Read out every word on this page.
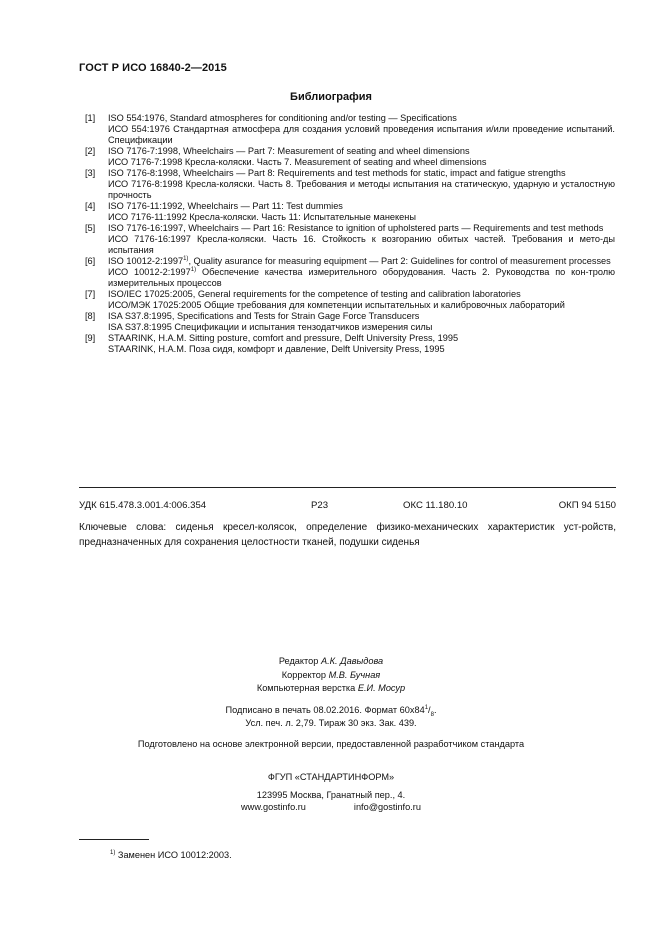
ГОСТ Р ИСО 16840-2—2015
Библиография
[1]	ISO 554:1976, Standard atmospheres for conditioning and/or testing — Specifications

ИСО 554:1976 Стандартная атмосфера для создания условий проведения испытания и/или проведение испытаний. Спецификации

[2]	ISO 7176-7:1998, Wheelchairs — Part 7: Measurement of seating and wheel dimensions

ИСО 7176-7:1998 Кресла-коляски. Часть 7. Measurement of seating and wheel dimensions

[3]	ISO 7176-8:1998, Wheelchairs — Part 8: Requirements and test methods for static, impact and fatigue strengths

ИСО 7176-8:1998 Кресла-коляски. Часть 8. Требования и методы испытания на статическую, ударную и усталостную прочность

[4]	ISO 7176-11:1992, Wheelchairs — Part 11: Test dummies

ИСО 7176-11:1992 Кресла-коляски. Часть 11: Испытательные манекены

[5]	ISO 7176-16:1997, Wheelchairs — Part 16: Resistance to ignition of upholstered parts — Requirements and test methods

ИСО 7176-16:1997 Кресла-коляски. Часть 16. Стойкость к возгоранию обитых частей. Требования и мето-ды испытания

[6]	ISO 10012-2:1997$^{1)}$, Quality asurance for measuring equipment — Part 2: Guidelines for control of measurement processes

ИСО 10012-2:1997$^{1)}$ Обеспечение качества измерительного оборудования. Часть 2. Руководства по кон-тролю измерительных процессов

[7]	ISO/IEC 17025:2005, General requirements for the competence of testing and calibration laboratories

ИСО/МЭК 17025:2005 Общие требования для компетенции испытательных и калибровочных лабораторий

[8]	ISA S37.8:1995, Specifications and Tests for Strain Gage Force Transducers

ISA S37.8:1995 Спецификации и испытания тензодатчиков измерения силы

[9]	STAARINK, H.A.M. Sitting posture, comfort and pressure, Delft University Press, 1995

STAARINK, H.A.M. Поза сидя, комфорт и давление, Delft University Press, 1995

УДК 615.478.3.001.4:006.354	Р23	ОКС 11.180.10	ОКП 94 5150
Ключевые слова: сиденья кресел-колясок, определение физико-механических характеристик уст-ройств, предназначенных для сохранения целостности тканей, подушки сиденья
Редактор А.К. Давыдова
Корректор М.В. Бучная
Компьютерная верстка Е.И. Мосур
Подписано в печать 08.02.2016. Формат $60x84^1/_8$.
Усл. печ. л. 2,79. Тираж 30 экз. Зак. 439.
Подготовлено на основе электронной версии, предоставленной разработчиком стандарта
ФГУП «СТАНДАРТИНФОРМ»
123995 Москва, Гранатный пер., 4.
www.gostinfo.ru	info@gostinfo.ru
$^{1)}$ Заменен ИСО 10012:2003.
